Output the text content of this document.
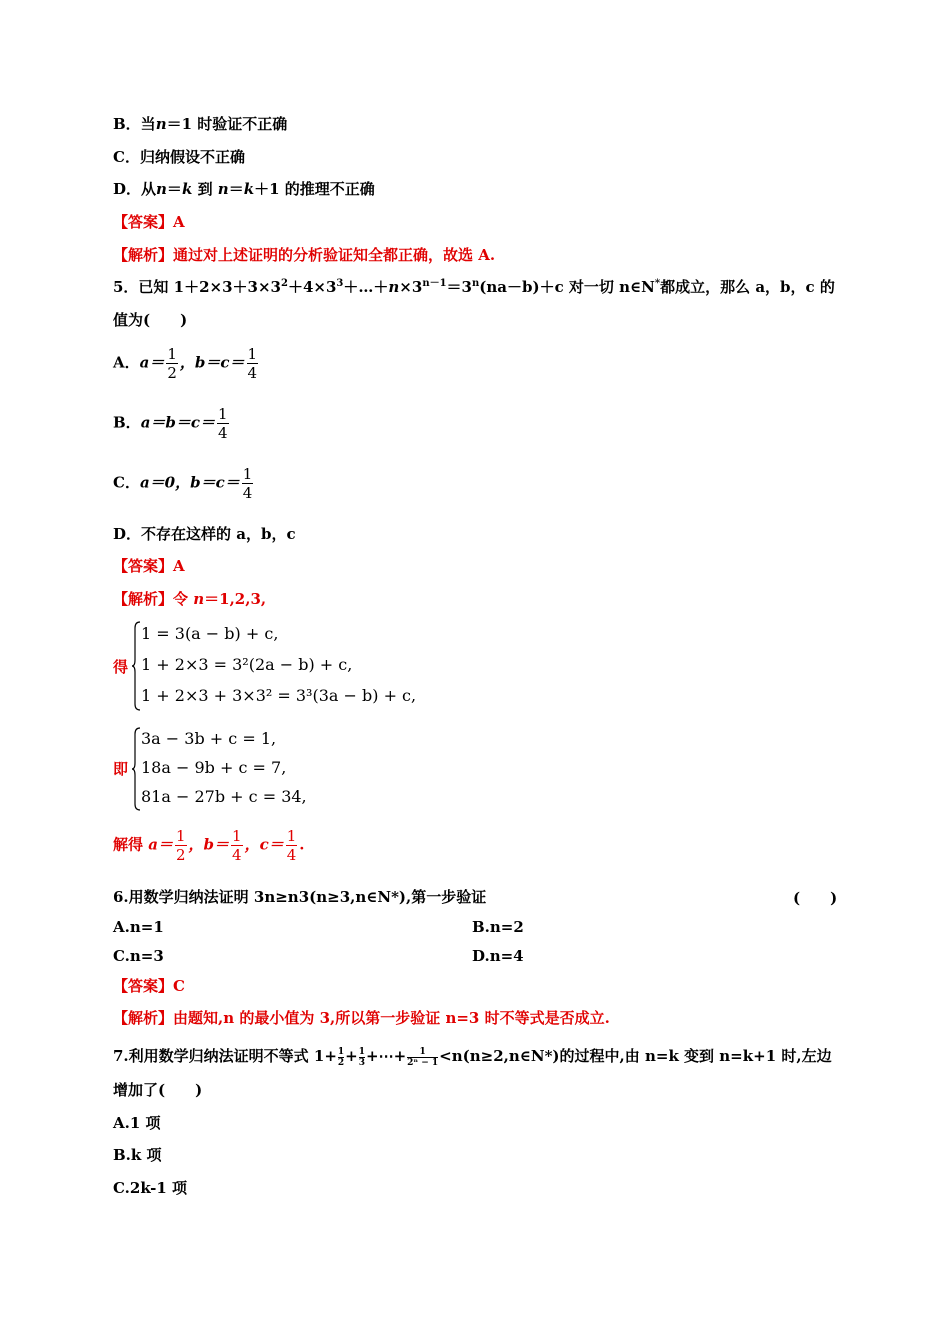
B．当n＝1 时验证不正确
C．归纳假设不正确
D．从n＝k 到 n＝k＋1 的推理不正确
【答案】A
【解析】通过对上述证明的分析验证知全都正确，故选 A.
5．已知 $1+2\times 3+3\times 3^2+4\times 3^3+\dots+n\times 3^{n-1}=3^n(na-b)+c$ 对一切 n∈N*都成立，那么 a，b，c 的
值为(　　)
A．$a= \frac{1}{2}$ ，$b=c= \frac{1}{4}$
B．$a=b=c= \frac{1}{4}$
C．a＝0，$b=c= \frac{1}{4}$
D．不存在这样的 a，b，c
【答案】A
【解析】令 n＝1,2,3,
得
1 = 3(a − b) + c,
1 + 2×3 = 3²(2a − b) + c,
1 + 2×3 + 3×3² = 3³(3a − b) + c,
即
3a − 3b + c = 1,
18a − 9b + c = 7,
81a − 27b + c = 34,
解得 $a= \frac{1}{2}$ ，$b= \frac{1}{4}$ ，$c= \frac{1}{4}$ .
6.用数学归纳法证明 3n≥n3(n≥3,n∈N*),第一步验证	(　　)
A.n=1	B.n=2
C.n=3	D.n=4
【答案】C
【解析】由题知,n 的最小值为 3,所以第一步验证 n=3 时不等式是否成立.
7.利用数学归纳法证明不等式 $1+ \frac{1}{2} + \frac{1}{3}$ +⋯+ $\frac{1}{\text{2ⁿ − 1}}$ <n(n≥2,n∈N*)的过程中,由 n=k 变到 n=k+1 时,左边
增加了(　　)
A.1 项
B.k 项
C.2k-1 项
